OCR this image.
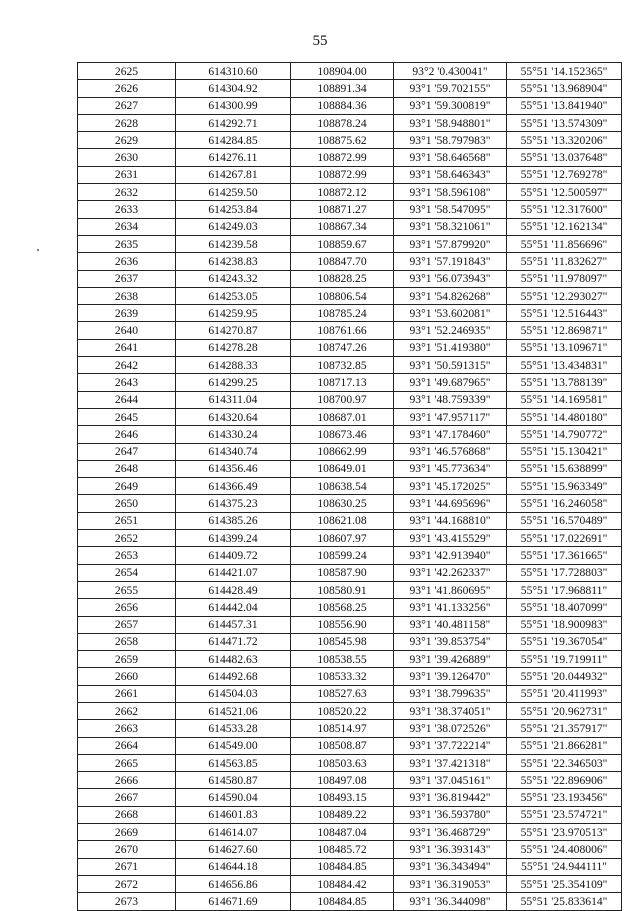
55
2625	614310.60	108904.00	93°2 '0.430041"	55°51 '14.152365"
2626	614304.92	108891.34	93°1 '59.702155"	55°51 '13.968904"
2627	614300.99	108884.36	93°1 '59.300819"	55°51 '13.841940"
2628	614292.71	108878.24	93°1 '58.948801"	55°51 '13.574309"
2629	614284.85	108875.62	93°1 '58.797983"	55°51 '13.320206"
2630	614276.11	108872.99	93°1 '58.646568"	55°51 '13.037648"
2631	614267.81	108872.99	93°1 '58.646343"	55°51 '12.769278"
2632	614259.50	108872.12	93°1 '58.596108"	55°51 '12.500597"
2633	614253.84	108871.27	93°1 '58.547095"	55°51 '12.317600"
2634	614249.03	108867.34	93°1 '58.321061"	55°51 '12.162134"
2635	614239.58	108859.67	93°1 '57.879920"	55°51 '11.856696"
2636	614238.83	108847.70	93°1 '57.191843"	55°51 '11.832627"
2637	614243.32	108828.25	93°1 '56.073943"	55°51 '11.978097"
2638	614253.05	108806.54	93°1 '54.826268"	55°51 '12.293027"
2639	614259.95	108785.24	93°1 '53.602081"	55°51 '12.516443"
2640	614270.87	108761.66	93°1 '52.246935"	55°51 '12.869871"
2641	614278.28	108747.26	93°1 '51.419380"	55°51 '13.109671"
2642	614288.33	108732.85	93°1 '50.591315"	55°51 '13.434831"
2643	614299.25	108717.13	93°1 '49.687965"	55°51 '13.788139"
2644	614311.04	108700.97	93°1 '48.759339"	55°51 '14.169581"
2645	614320.64	108687.01	93°1 '47.957117"	55°51 '14.480180"
2646	614330.24	108673.46	93°1 '47.178460"	55°51 '14.790772"
2647	614340.74	108662.99	93°1 '46.576868"	55°51 '15.130421"
2648	614356.46	108649.01	93°1 '45.773634"	55°51 '15.638899"
2649	614366.49	108638.54	93°1 '45.172025"	55°51 '15.963349"
2650	614375.23	108630.25	93°1 '44.695696"	55°51 '16.246058"
2651	614385.26	108621.08	93°1 '44.168810"	55°51 '16.570489"
2652	614399.24	108607.97	93°1 '43.415529"	55°51 '17.022691"
2653	614409.72	108599.24	93°1 '42.913940"	55°51 '17.361665"
2654	614421.07	108587.90	93°1 '42.262337"	55°51 '17.728803"
2655	614428.49	108580.91	93°1 '41.860695"	55°51 '17.968811"
2656	614442.04	108568.25	93°1 '41.133256"	55°51 '18.407099"
2657	614457.31	108556.90	93°1 '40.481158"	55°51 '18.900983"
2658	614471.72	108545.98	93°1 '39.853754"	55°51 '19.367054"
2659	614482.63	108538.55	93°1 '39.426889"	55°51 '19.719911"
2660	614492.68	108533.32	93°1 '39.126470"	55°51 '20.044932"
2661	614504.03	108527.63	93°1 '38.799635"	55°51 '20.411993"
2662	614521.06	108520.22	93°1 '38.374051"	55°51 '20.962731"
2663	614533.28	108514.97	93°1 '38.072526"	55°51 '21.357917"
2664	614549.00	108508.87	93°1 '37.722214"	55°51 '21.866281"
2665	614563.85	108503.63	93°1 '37.421318"	55°51 '22.346503"
2666	614580.87	108497.08	93°1 '37.045161"	55°51 '22.896906"
2667	614590.04	108493.15	93°1 '36.819442"	55°51 '23.193456"
2668	614601.83	108489.22	93°1 '36.593780"	55°51 '23.574721"
2669	614614.07	108487.04	93°1 '36.468729"	55°51 '23.970513"
2670	614627.60	108485.72	93°1 '36.393143"	55°51 '24.408006"
2671	614644.18	108484.85	93°1 '36.343494"	55°51 '24.944111"
2672	614656.86	108484.42	93°1 '36.319053"	55°51 '25.354109"
2673	614671.69	108484.85	93°1 '36.344098"	55°51 '25.833614"
